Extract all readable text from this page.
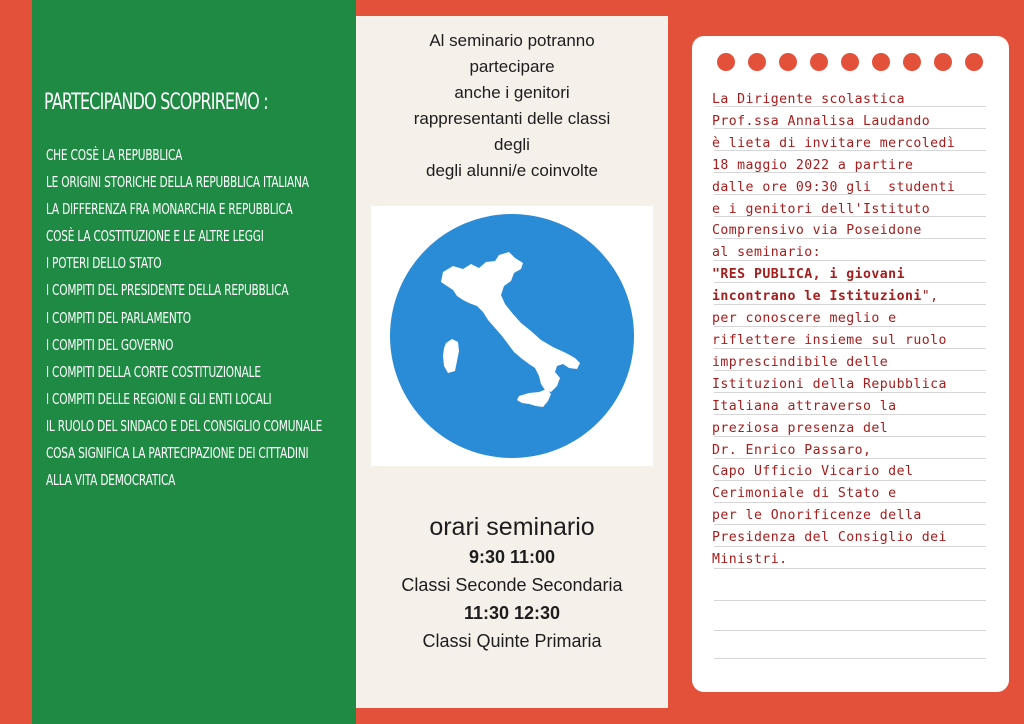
PARTECIPANDO SCOPRIREMO :
CHE COSÈ LA REPUBBLICA
LE ORIGINI STORICHE DELLA REPUBBLICA ITALIANA
LA DIFFERENZA FRA MONARCHIA E REPUBBLICA
COSÈ LA COSTITUZIONE E LE ALTRE LEGGI
I POTERI DELLO STATO
I COMPITI DEL PRESIDENTE DELLA REPUBBLICA
I COMPITI DEL PARLAMENTO
I COMPITI DEL GOVERNO
I COMPITI DELLA CORTE COSTITUZIONALE
I COMPITI DELLE REGIONI E GLI ENTI LOCALI
IL RUOLO DEL SINDACO E DEL CONSIGLIO COMUNALE
COSA SIGNIFICA LA PARTECIPAZIONE DEI CITTADINI
ALLA VITA DEMOCRATICA
Al seminario potranno
partecipare
anche i genitori
rappresentanti delle classi
degli
degli alunni/e coinvolte
orari seminario
9:30 11:00
Classi Seconde Secondaria
11:30 12:30
Classi Quinte Primaria
La Dirigente scolastica
Prof.ssa Annalisa Laudando
è lieta di invitare mercoledì
18 maggio 2022 a partire
dalle ore 09:30 gli  studenti
e i genitori dell'Istituto
Comprensivo via Poseidone
al seminario:
"RES PUBLICA, i giovani
incontrano le Istituzioni",
per conoscere meglio e
riflettere insieme sul ruolo
imprescindibile delle
Istituzioni della Repubblica
Italiana attraverso la
preziosa presenza del
Dr. Enrico Passaro,
Capo Ufficio Vicario del
Cerimoniale di Stato e
per le Onorificenze della
Presidenza del Consiglio dei
Ministri.
